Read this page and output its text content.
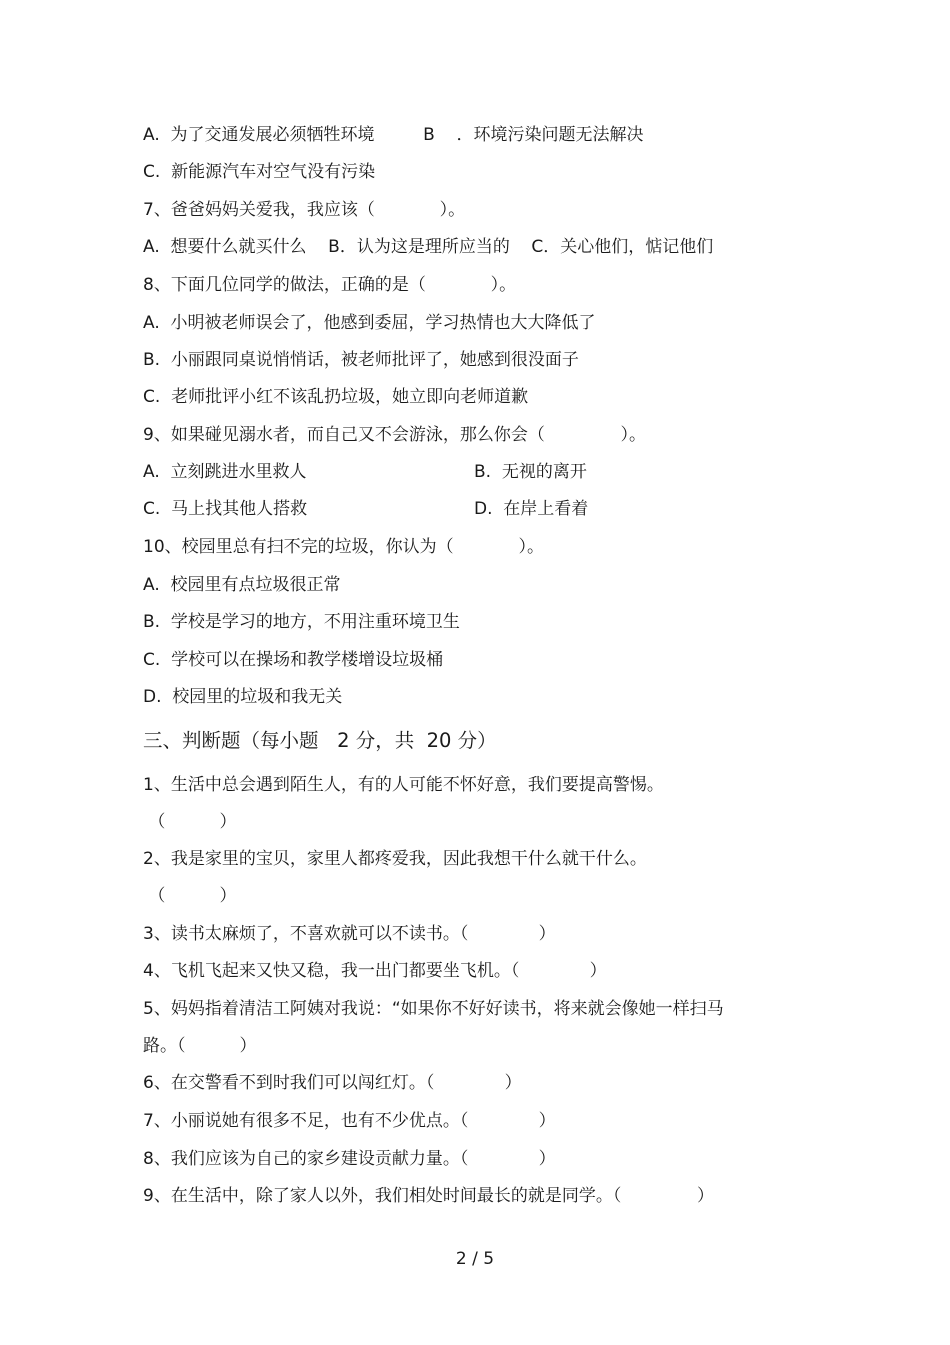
A.  为了交通发展必须牺牲环境         B    ．环境污染问题无法解决
C.  新能源汽车对空气没有污染
7、爸爸妈妈关爱我，我应该（            ）。
A.  想要什么就买什么    B．认为这是理所应当的    C．关心他们，惦记他们
8、下面几位同学的做法，正确的是（            ）。
A.  小明被老师误会了，他感到委屈，学习热情也大大降低了
B.  小丽跟同桌说悄悄话，被老师批评了，她感到很没面子
C.  老师批评小红不该乱扔垃圾，她立即向老师道歉
9、如果碰见溺水者，而自己又不会游泳，那么你会（              ）。
A.  立刻跳进水里救人	B.  无视的离开
C.  马上找其他人搭救	D.  在岸上看着
10、校园里总有扫不完的垃圾，你认为（            ）。
A.  校园里有点垃圾很正常
B.  学校是学习的地方，不用注重环境卫生
C.  学校可以在操场和教学楼增设垃圾桶
D.  校园里的垃圾和我无关
三、判断题（每小题   2 分，共  20 分）
1、生活中总会遇到陌生人，有的人可能不怀好意，我们要提高警惕。
（          ）
2、我是家里的宝贝，家里人都疼爱我，因此我想干什么就干什么。
（          ）
3、读书太麻烦了，不喜欢就可以不读书。（             ）
4、飞机飞起来又快又稳，我一出门都要坐飞机。（             ）
5、妈妈指着清洁工阿姨对我说：“如果你不好好读书，将来就会像她一样扫马
路。（          ）
6、在交警看不到时我们可以闯红灯。（             ）
7、小丽说她有很多不足，也有不少优点。（             ）
8、我们应该为自己的家乡建设贡献力量。（             ）
9、在生活中，除了家人以外，我们相处时间最长的就是同学。（              ）
2 / 5
